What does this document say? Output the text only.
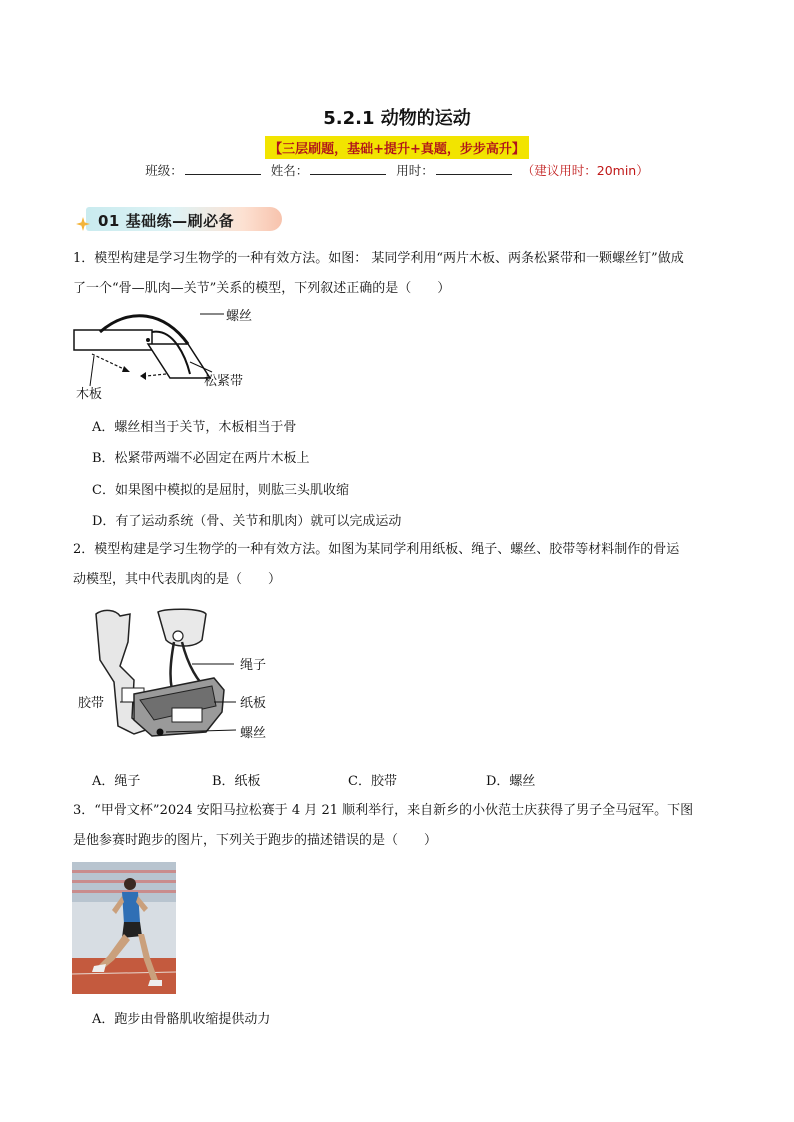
5.2.1 动物的运动
【三层刷题，基础+提升+真题，步步高升】
班级：	姓名：	用时：	（建议用时：20min）
01 基础练—刷必备
1．模型构建是学习生物学的一种有效方法。如图： 某同学利用“两片木板、两条松紧带和一颗螺丝钉”做成
了一个“骨—肌肉—关节”关系的模型，下列叙述正确的是（　　）
螺丝
松紧带
木板
A．螺丝相当于关节，木板相当于骨
B．松紧带两端不必固定在两片木板上
C．如果图中模拟的是屈肘，则肱三头肌收缩
D．有了运动系统（骨、关节和肌肉）就可以完成运动
2．模型构建是学习生物学的一种有效方法。如图为某同学利用纸板、绳子、螺丝、胶带等材料制作的骨运
动模型，其中代表肌肉的是（　　）
绳子
胶带	纸板
螺丝
A．绳子	B．纸板	C．胶带	D．螺丝
3．“甲骨文杯”2024 安阳马拉松赛于 4 月 21 顺利举行，来自新乡的小伙范士庆获得了男子全马冠军。下图
是他参赛时跑步的图片，下列关于跑步的描述错误的是（　　）
A．跑步由骨骼肌收缩提供动力
